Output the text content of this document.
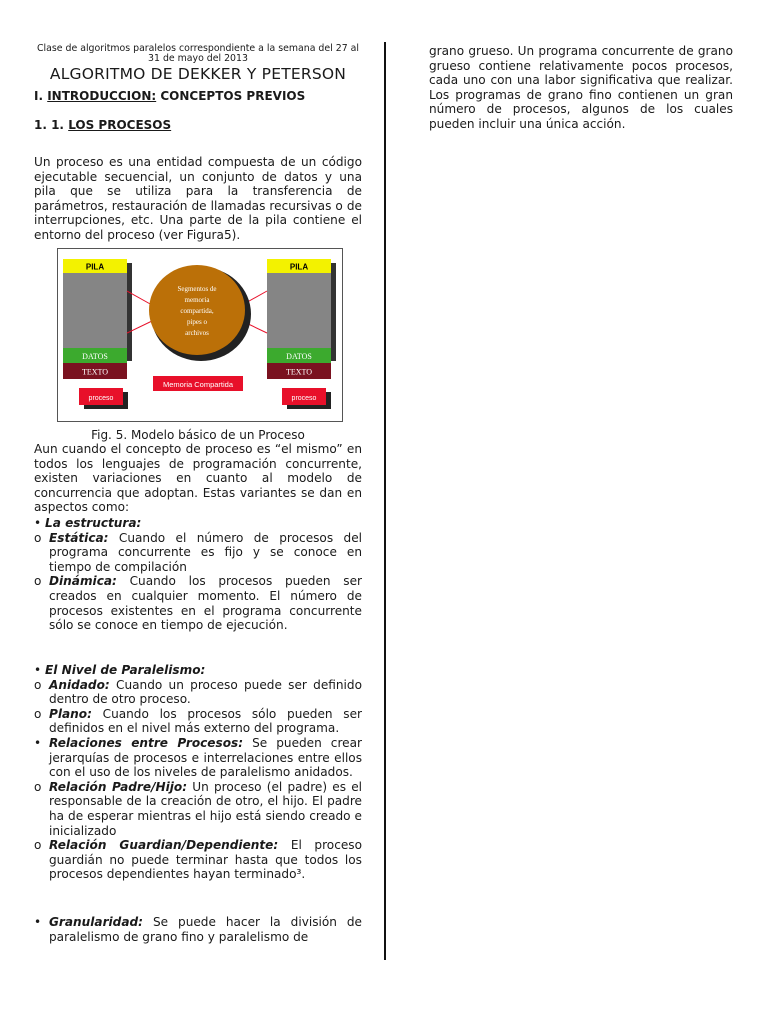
Clase de algoritmos paralelos correspondiente a la semana del 27 al 31 de mayo del 2013
ALGORITMO DE DEKKER Y PETERSON
I. INTRODUCCION: CONCEPTOS PREVIOS
1. 1. LOS PROCESOS
Un proceso es una entidad compuesta de un código ejecutable secuencial, un conjunto de datos y una pila que se utiliza para la transferencia de parámetros, restauración de llamadas recursivas o de interrupciones, etc. Una parte de la pila contiene el entorno del proceso (ver Figura5).
PILA
DATOS
TEXTO
proceso
PILA
DATOS
TEXTO
proceso
Segmentos de
memoria
compartida,
pipes o
archivos
Memoria Compartida
Fig. 5. Modelo básico de un Proceso
Aun cuando el concepto de proceso es “el mismo” en todos los lenguajes de programación concurrente, existen variaciones en cuanto al modelo de concurrencia que adoptan. Estas variantes se dan en aspectos como:
• La estructura:
o Estática: Cuando el número de procesos del programa concurrente es fijo y se conoce en tiempo de compilación
o Dinámica: Cuando los procesos pueden ser creados en cualquier momento. El número de procesos existentes en el programa concurrente sólo se conoce en tiempo de ejecución.
• El Nivel de Paralelismo:
o Anidado: Cuando un proceso puede ser definido dentro de otro proceso.
o Plano: Cuando los procesos sólo pueden ser definidos en el nivel más externo del programa.
• Relaciones entre Procesos: Se pueden crear jerarquías de procesos e interrelaciones entre ellos con el uso de los niveles de paralelismo anidados.
o Relación Padre/Hijo: Un proceso (el padre) es el responsable de la creación de otro, el hijo. El padre ha de esperar mientras el hijo está siendo creado e inicializado
o Relación Guardian/Dependiente: El proceso guardián no puede terminar hasta que todos los procesos dependientes hayan terminado³.
• Granularidad: Se puede hacer la división de paralelismo de grano fino y paralelismo de
grano grueso. Un programa concurrente de grano grueso contiene relativamente pocos procesos, cada uno con una labor significativa que realizar. Los programas de grano fino contienen un gran número de procesos, algunos de los cuales pueden incluir una única acción.
